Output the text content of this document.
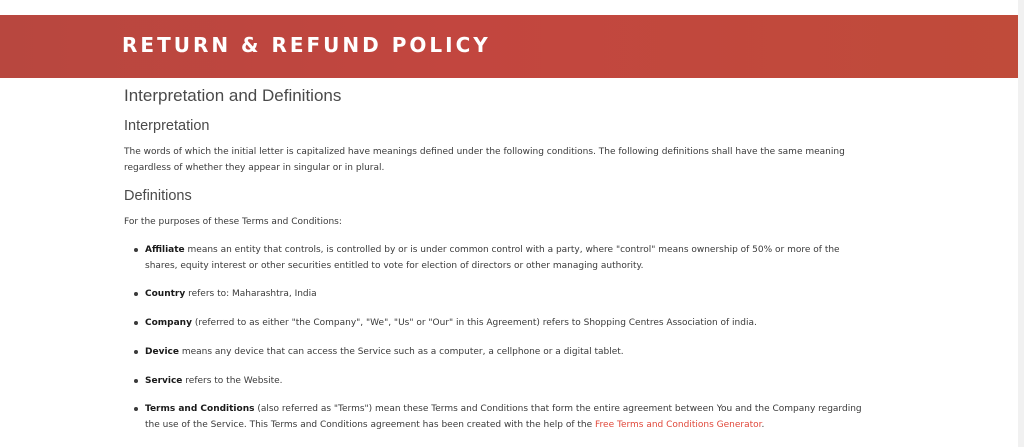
RETURN & REFUND POLICY
Interpretation and Definitions
Interpretation

The words of which the initial letter is capitalized have meanings defined under the following conditions. The following definitions shall have the same meaning regardless of whether they appear in singular or in plural.

Definitions

For the purposes of these Terms and Conditions:

Affiliate means an entity that controls, is controlled by or is under common control with a party, where "control" means ownership of 50% or more of the shares, equity interest or other securities entitled to vote for election of directors or other managing authority.
Country refers to: Maharashtra, India
Company (referred to as either "the Company", "We", "Us" or "Our" in this Agreement) refers to Shopping Centres Association of india.
Device means any device that can access the Service such as a computer, a cellphone or a digital tablet.
Service refers to the Website.
Terms and Conditions (also referred as "Terms") mean these Terms and Conditions that form the entire agreement between You and the Company regarding the use of the Service. This Terms and Conditions agreement has been created with the help of the Free Terms and Conditions Generator.
